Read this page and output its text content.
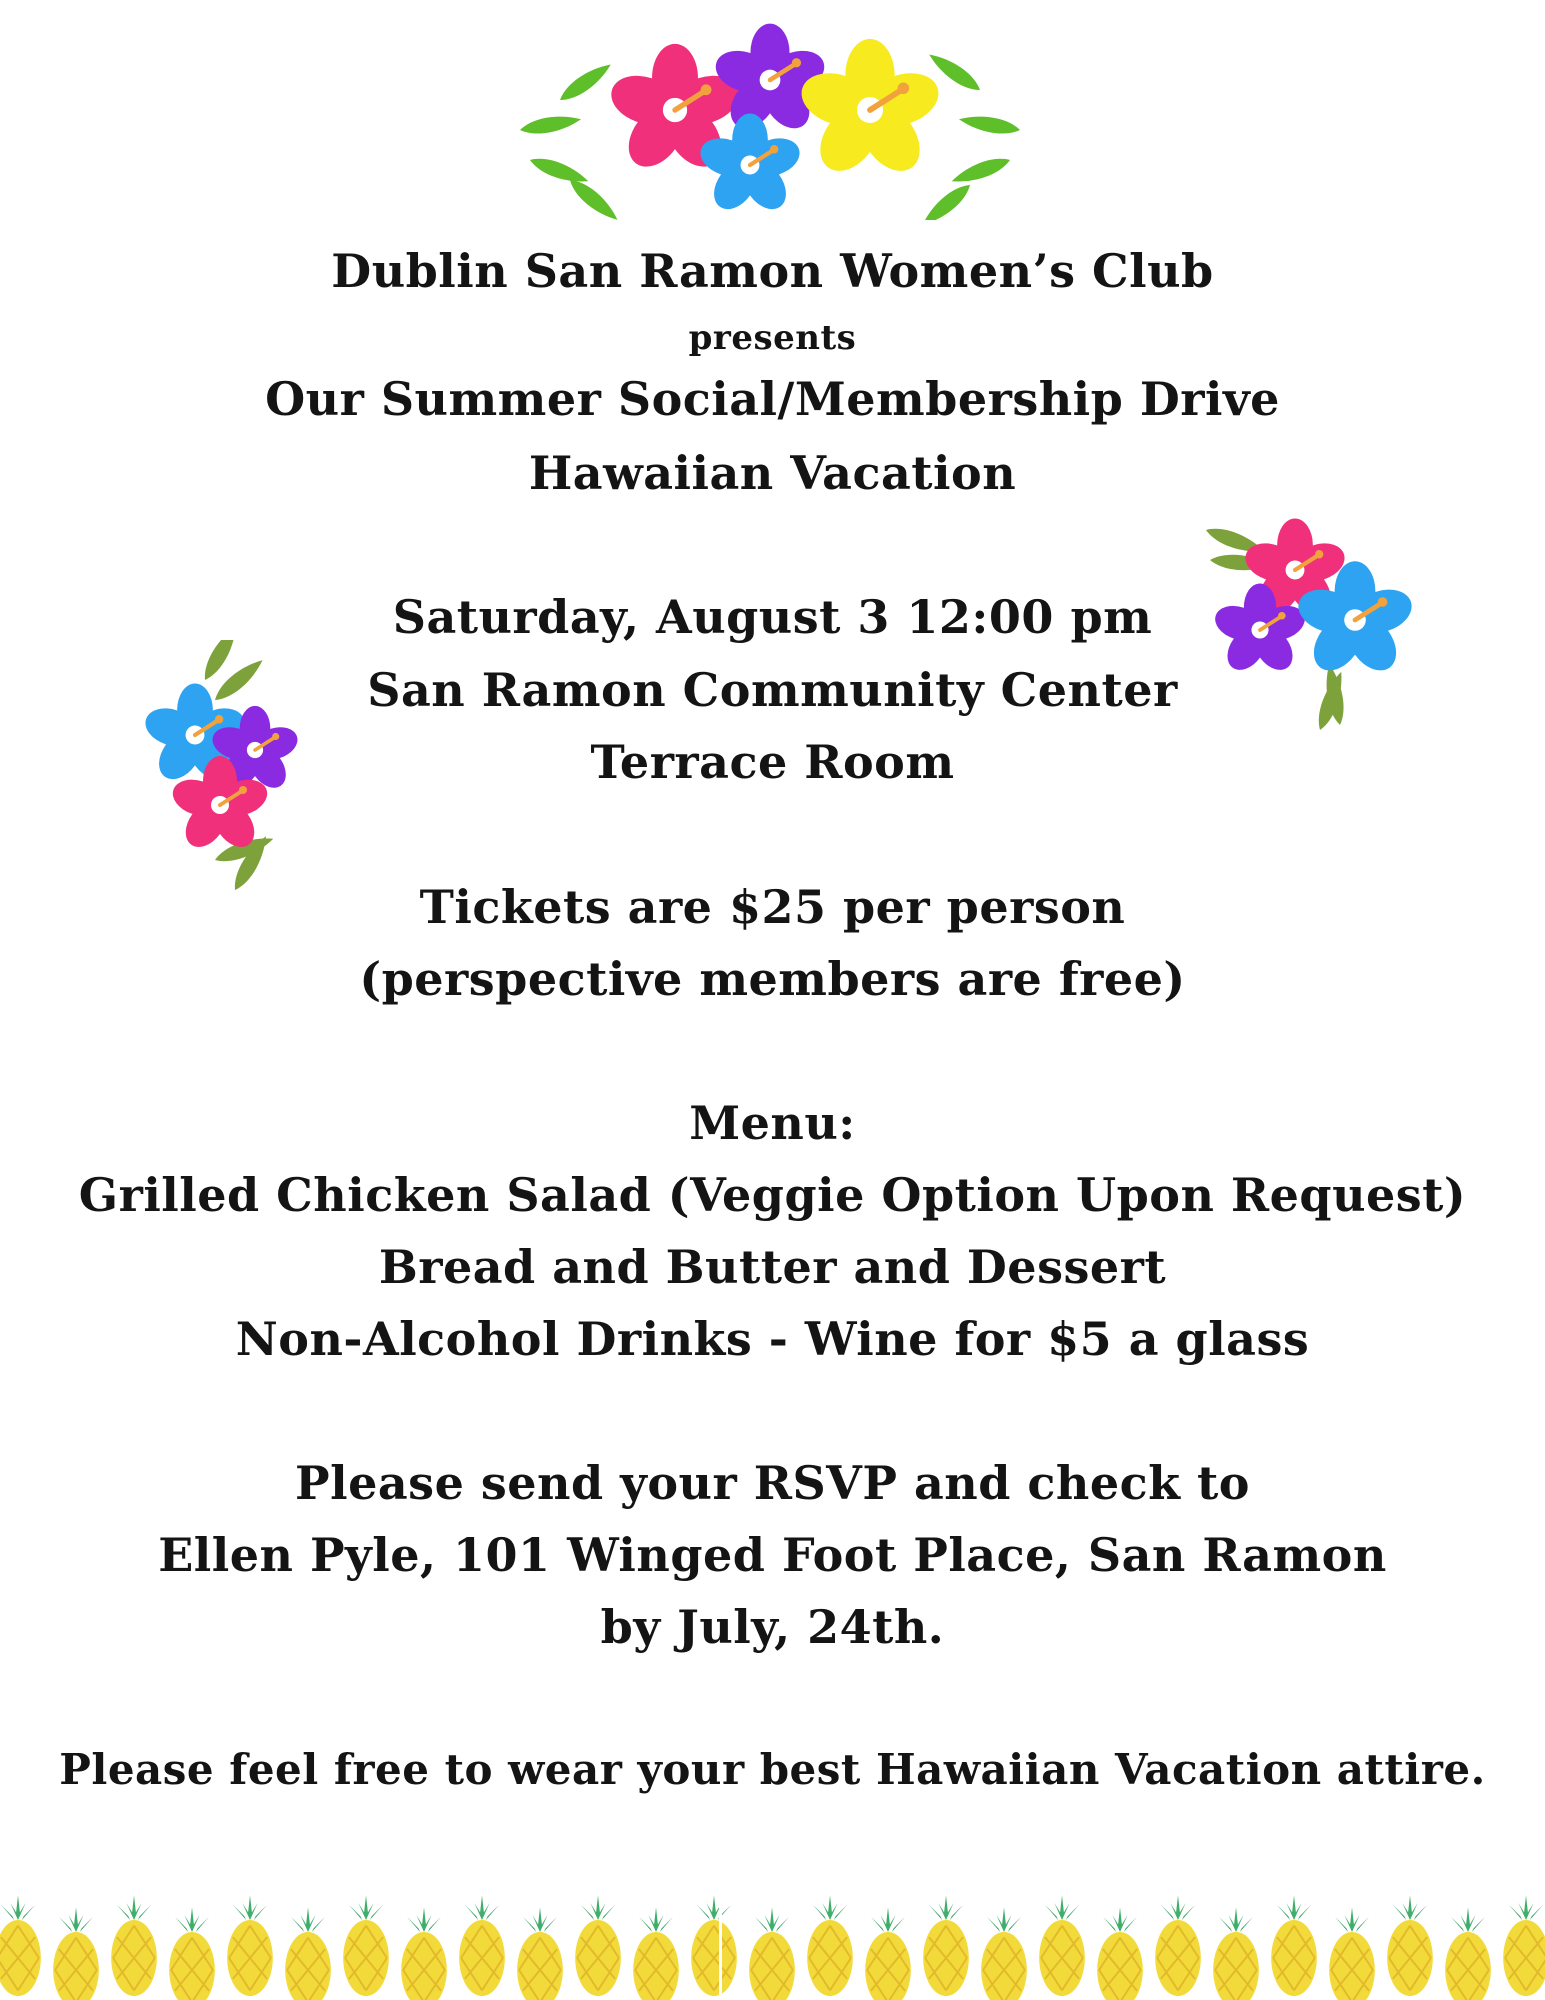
Dublin San Ramon Women’s Club
presents
Our Summer Social/Membership Drive
Hawaiian Vacation
Saturday, August 3 12:00 pm
San Ramon Community Center
Terrace Room
Tickets are $25 per person
(perspective members are free)
Menu:
Grilled Chicken Salad (Veggie Option Upon Request)
Bread and Butter and Dessert
Non-Alcohol Drinks - Wine for $5 a glass
Please send your RSVP and check to
Ellen Pyle, 101 Winged Foot Place, San Ramon
by July, 24th.
Please feel free to wear your best Hawaiian Vacation attire.
